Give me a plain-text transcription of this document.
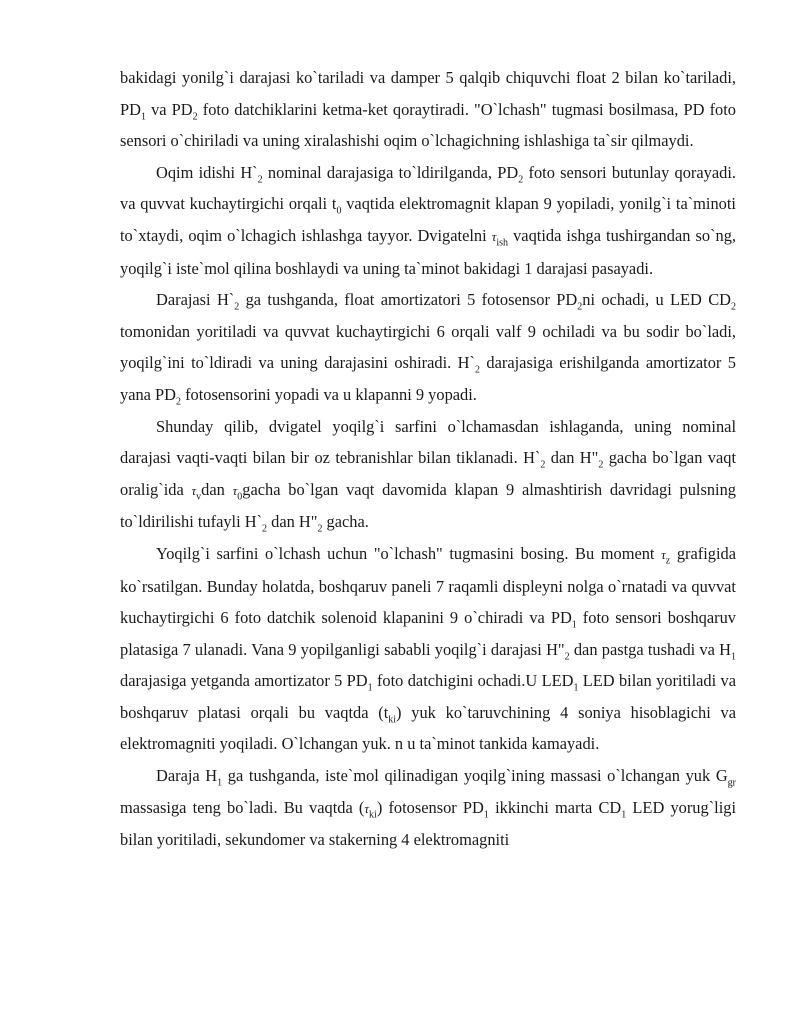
bakidagi yonilg`i darajasi ko`tariladi va damper 5 qalqib chiquvchi float 2 bilan ko`tariladi, $PD_1$ va $PD_2$ foto datchiklarini ketma-ket qoraytiradi. "O`lchash" tugmasi bosilmasa, PD foto sensori o`chiriladi va uning xiralashishi oqim o`lchagichning ishlashiga ta`sir qilmaydi.

Oqim idishi $H`_2$ nominal darajasiga to`ldirilganda, $PD_2$ foto sensori butunlay qorayadi. va quvvat kuchaytirgichi orqali $t_0$ vaqtida elektromagnit klapan 9 yopiladi, yonilg`i ta`minoti to`xtaydi, oqim o`lchagich ishlashga tayyor. Dvigatelni $\tau_{ish}$ vaqtida ishga tushirgandan so`ng, yoqilg`i iste`mol qilina boshlaydi va uning ta`minot bakidagi 1 darajasi pasayadi.

Darajasi $H`_2$ ga tushganda, float amortizatori 5 fotosensor $PD_2ni$ ochadi, u LED $CD_2$ tomonidan yoritiladi va quvvat kuchaytirgichi 6 orqali valf 9 ochiladi va bu sodir bo`ladi, yoqilg`ini to`ldiradi va uning darajasini oshiradi. $H`_2$ darajasiga erishilganda amortizator 5 yana $PD_2$ fotosensorini yopadi va u klapanni 9 yopadi.

Shunday qilib, dvigatel yoqilg`i sarfini o`lchamasdan ishlaganda, uning nominal darajasi vaqti-vaqti bilan bir oz tebranishlar bilan tiklanadi. $H`_2$ dan $H"_2$ gacha bo`lgan vaqt oralig`ida $\tau_vdan$ $\tau_0gacha$ bo`lgan vaqt davomida klapan 9 almashtirish davridagi pulsning to`ldirilishi tufayli $H`_2$ dan $H"_2$ gacha.

Yoqilg`i sarfini o`lchash uchun "o`lchash" tugmasini bosing. Bu moment $\tau_z$ grafigida ko`rsatilgan. Bunday holatda, boshqaruv paneli 7 raqamli displeyni nolga o`rnatadi va quvvat kuchaytirgichi 6 foto datchik solenoid klapanini 9 o`chiradi va $PD_1$ foto sensori boshqaruv platasiga 7 ulanadi. Vana 9 yopilganligi sababli yoqilg`i darajasi $H"_2$ dan pastga tushadi va $H_1$ darajasiga yetganda amortizator 5 $PD_1$ foto datchigini ochadi.U $LED_1$ LED bilan yoritiladi va boshqaruv platasi orqali bu vaqtda $(t_{ki})$ yuk ko`taruvchining 4 soniya hisoblagichi va elektromagniti yoqiladi. O`lchangan yuk. n u ta`minot tankida kamayadi.

Daraja $H_1$ ga tushganda, iste`mol qilinadigan yoqilg`ining massasi o`lchangan yuk $G_{gr}$ massasiga teng bo`ladi. Bu vaqtda $(\tau_{ki})$ fotosensor $PD_1$ ikkinchi marta $CD_1$ LED yorug`ligi bilan yoritiladi, sekundomer va stakerning 4 elektromagniti
